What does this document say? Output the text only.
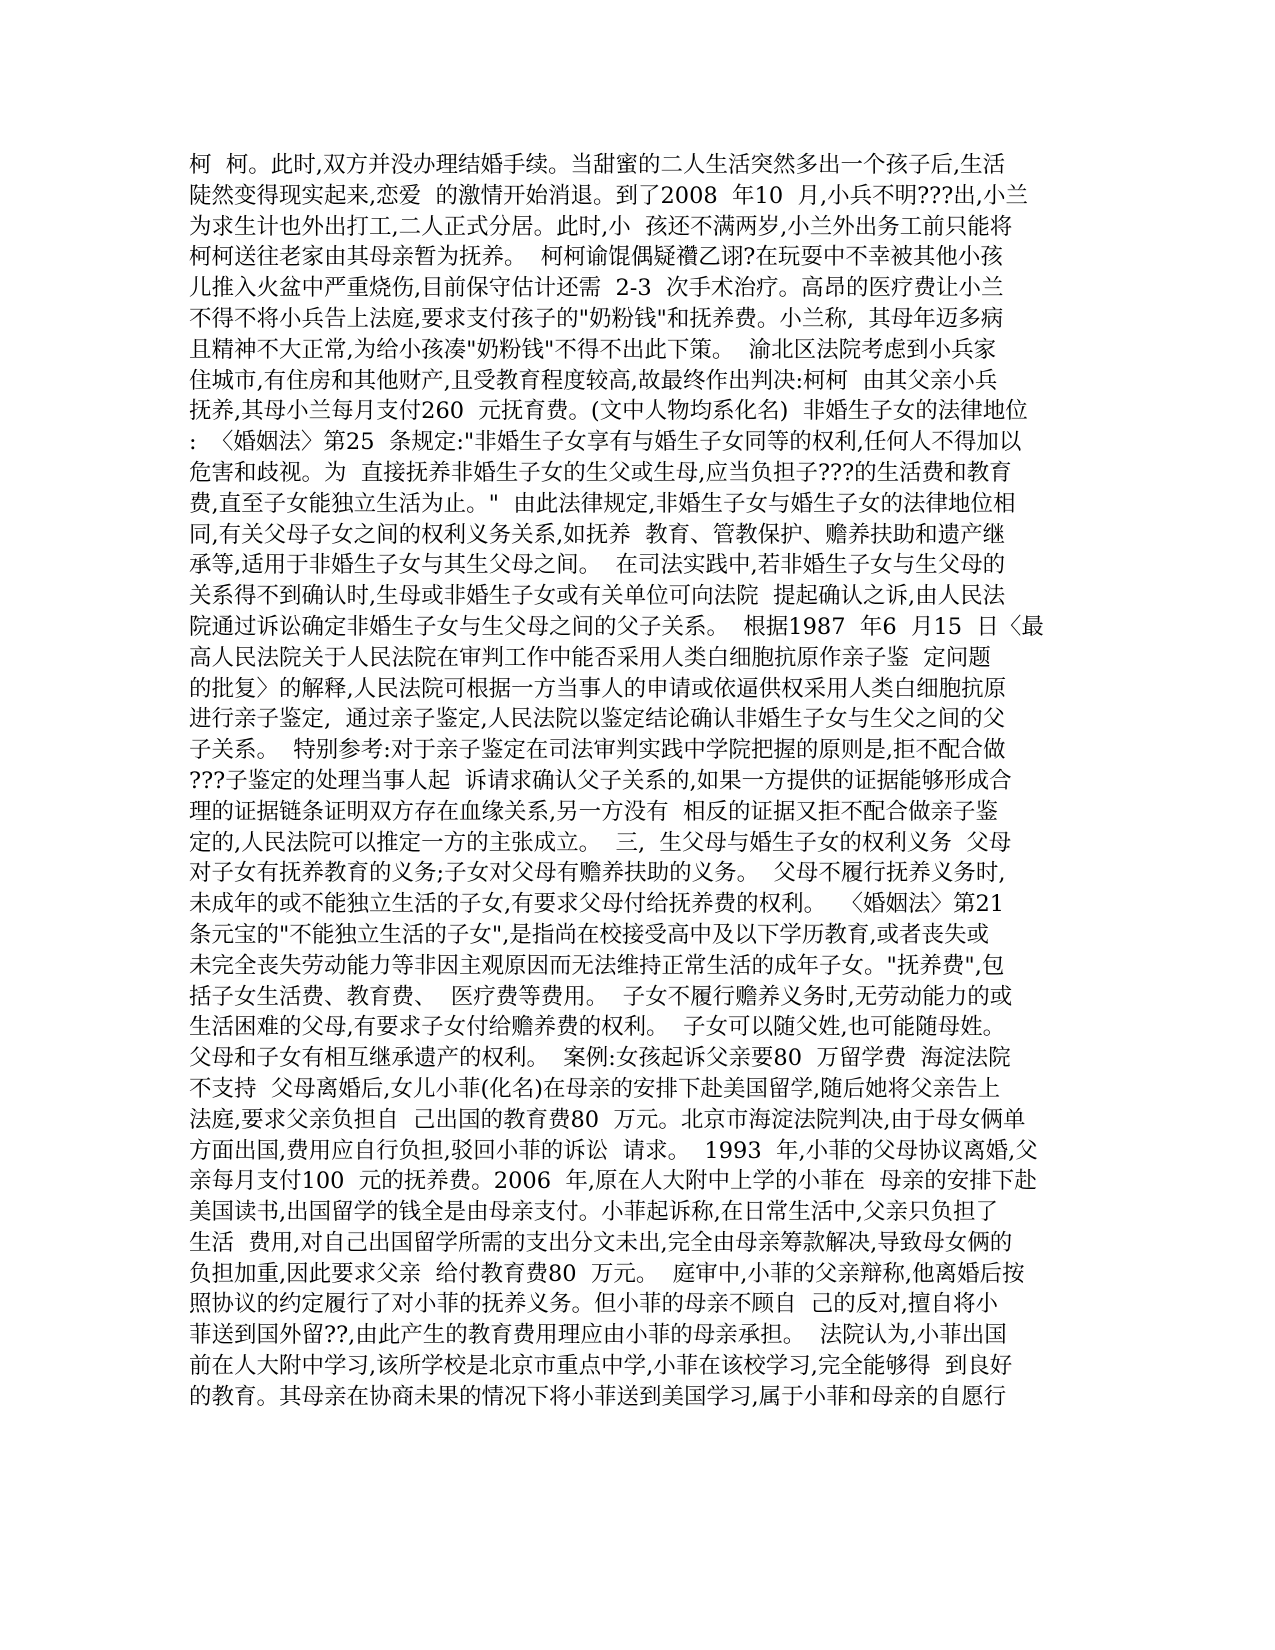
柯  柯。此时,双方并没办理结婚手续。当甜蜜的二人生活突然多出一个孩子后,生活
陡然变得现实起来,恋爱  的激情开始消退。到了2008  年10  月,小兵不明???出,小兰
为求生计也外出打工,二人正式分居。此时,小  孩还不满两岁,小兰外出务工前只能将
柯柯送往老家由其母亲暂为抚养。  柯柯谕馄偶疑禶乙诩?在玩耍中不幸被其他小孩
儿推入火盆中严重烧伤,目前保守估计还需  2-3  次手术治疗。高昂的医疗费让小兰
不得不将小兵告上法庭,要求支付孩子的"奶粉钱"和抚养费。小兰称,  其母年迈多病
且精神不大正常,为给小孩凑"奶粉钱"不得不出此下策。  渝北区法院考虑到小兵家
住城市,有住房和其他财产,且受教育程度较高,故最终作出判决:柯柯  由其父亲小兵
抚养,其母小兰每月支付260  元抚育费。(文中人物均系化名)  非婚生子女的法律地位
:  〈婚姻法〉第25  条规定:"非婚生子女享有与婚生子女同等的权利,任何人不得加以
危害和歧视。为  直接抚养非婚生子女的生父或生母,应当负担子???的生活费和教育
费,直至子女能独立生活为止。"  由此法律规定,非婚生子女与婚生子女的法律地位相
同,有关父母子女之间的权利义务关系,如抚养  教育、管教保护、赡养扶助和遗产继
承等,适用于非婚生子女与其生父母之间。  在司法实践中,若非婚生子女与生父母的
关系得不到确认时,生母或非婚生子女或有关单位可向法院  提起确认之诉,由人民法
院通过诉讼确定非婚生子女与生父母之间的父子关系。  根据1987  年6  月15  日〈最
高人民法院关于人民法院在审判工作中能否采用人类白细胞抗原作亲子鉴  定问题
的批复〉的解释,人民法院可根据一方当事人的申请或依逼供权采用人类白细胞抗原
进行亲子鉴定,  通过亲子鉴定,人民法院以鉴定结论确认非婚生子女与生父之间的父
子关系。  特别参考:对于亲子鉴定在司法审判实践中学院把握的原则是,拒不配合做
???子鉴定的处理当事人起  诉请求确认父子关系的,如果一方提供的证据能够形成合
理的证据链条证明双方存在血缘关系,另一方没有  相反的证据又拒不配合做亲子鉴
定的,人民法院可以推定一方的主张成立。  三,  生父母与婚生子女的权利义务  父母
对子女有抚养教育的义务;子女对父母有赡养扶助的义务。  父母不履行抚养义务时,
未成年的或不能独立生活的子女,有要求父母付给抚养费的权利。  〈婚姻法〉第21
条元宝的"不能独立生活的子女",是指尚在校接受高中及以下学历教育,或者丧失或
未完全丧失劳动能力等非因主观原因而无法维持正常生活的成年子女。"抚养费",包
括子女生活费、教育费、  医疗费等费用。  子女不履行赡养义务时,无劳动能力的或
生活困难的父母,有要求子女付给赡养费的权利。  子女可以随父姓,也可能随母姓。
父母和子女有相互继承遗产的权利。  案例:女孩起诉父亲要80  万留学费  海淀法院
不支持  父母离婚后,女儿小菲(化名)在母亲的安排下赴美国留学,随后她将父亲告上
法庭,要求父亲负担自  己出国的教育费80  万元。北京市海淀法院判决,由于母女俩单
方面出国,费用应自行负担,驳回小菲的诉讼  请求。  1993  年,小菲的父母协议离婚,父
亲每月支付100  元的抚养费。2006  年,原在人大附中上学的小菲在  母亲的安排下赴
美国读书,出国留学的钱全是由母亲支付。小菲起诉称,在日常生活中,父亲只负担了
生活  费用,对自己出国留学所需的支出分文未出,完全由母亲筹款解决,导致母女俩的
负担加重,因此要求父亲  给付教育费80  万元。  庭审中,小菲的父亲辩称,他离婚后按
照协议的约定履行了对小菲的抚养义务。但小菲的母亲不顾自  己的反对,擅自将小
菲送到国外留??,由此产生的教育费用理应由小菲的母亲承担。  法院认为,小菲出国
前在人大附中学习,该所学校是北京市重点中学,小菲在该校学习,完全能够得  到良好
的教育。其母亲在协商未果的情况下将小菲送到美国学习,属于小菲和母亲的自愿行
